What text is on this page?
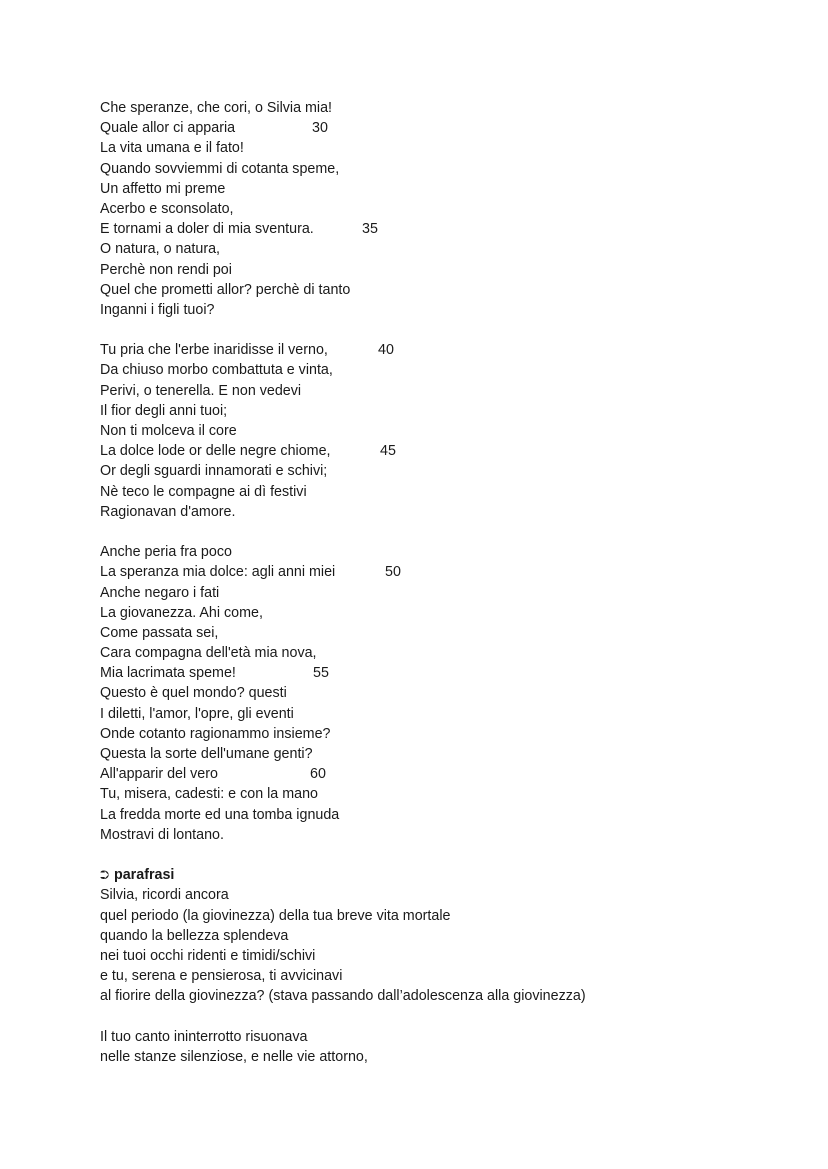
Che speranze, che cori, o Silvia mia!
Quale allor ci apparia	30
La vita umana e il fato!
Quando sovviemmi di cotanta speme,
Un affetto mi preme
Acerbo e sconsolato,
E tornami a doler di mia sventura.	35
O natura, o natura,
Perchè non rendi poi
Quel che prometti allor? perchè di tanto
Inganni i figli tuoi?
Tu pria che l'erbe inaridisse il verno,	40
Da chiuso morbo combattuta e vinta,
Perivi, o tenerella. E non vedevi
Il fior degli anni tuoi;
Non ti molceva il core
La dolce lode or delle negre chiome,	45
Or degli sguardi innamorati e schivi;
Nè teco le compagne ai dì festivi
Ragionavan d'amore.
Anche peria fra poco
La speranza mia dolce: agli anni miei	50
Anche negaro i fati
La giovanezza. Ahi come,
Come passata sei,
Cara compagna dell'età mia nova,
Mia lacrimata speme!	55
Questo è quel mondo? questi
I diletti, l'amor, l'opre, gli eventi
Onde cotanto ragionammo insieme?
Questa la sorte dell'umane genti?
All'apparir del vero	60
Tu, misera, cadesti: e con la mano
La fredda morte ed una tomba ignuda
Mostravi di lontano.
⮊ parafrasi
Silvia, ricordi ancora
quel periodo (la giovinezza) della tua breve vita mortale
quando la bellezza splendeva
nei tuoi occhi ridenti e timidi/schivi
e tu, serena e pensierosa, ti avvicinavi
al fiorire della giovinezza? (stava passando dall’adolescenza alla giovinezza)
Il tuo canto ininterrotto risuonava
nelle stanze silenziose, e nelle vie attorno,
